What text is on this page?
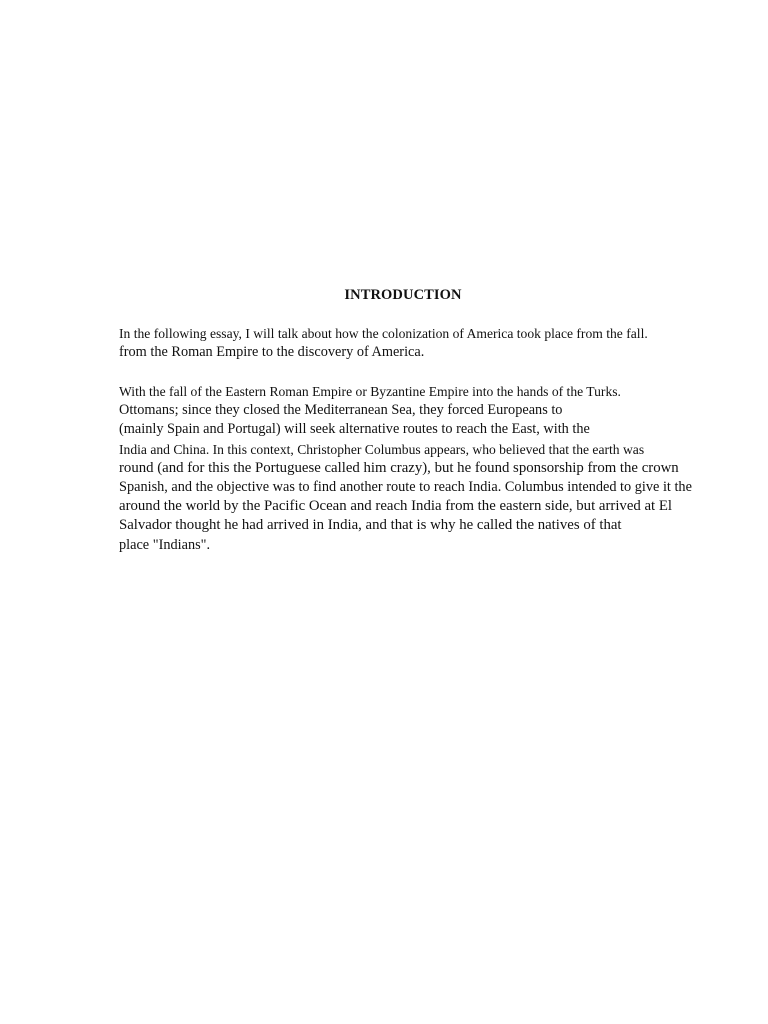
INTRODUCTION

In the following essay, I will talk about how the colonization of America took place from the fall.
from the Roman Empire to the discovery of America.

With the fall of the Eastern Roman Empire or Byzantine Empire into the hands of the Turks.
Ottomans; since they closed the Mediterranean Sea, they forced Europeans to
(mainly Spain and Portugal) will seek alternative routes to reach the East, with the
India and China. In this context, Christopher Columbus appears, who believed that the earth was
round (and for this the Portuguese called him crazy), but he found sponsorship from the crown
Spanish, and the objective was to find another route to reach India. Columbus intended to give it the
around the world by the Pacific Ocean and reach India from the eastern side, but arrived at El
Salvador thought he had arrived in India, and that is why he called the natives of that
place "Indians".
